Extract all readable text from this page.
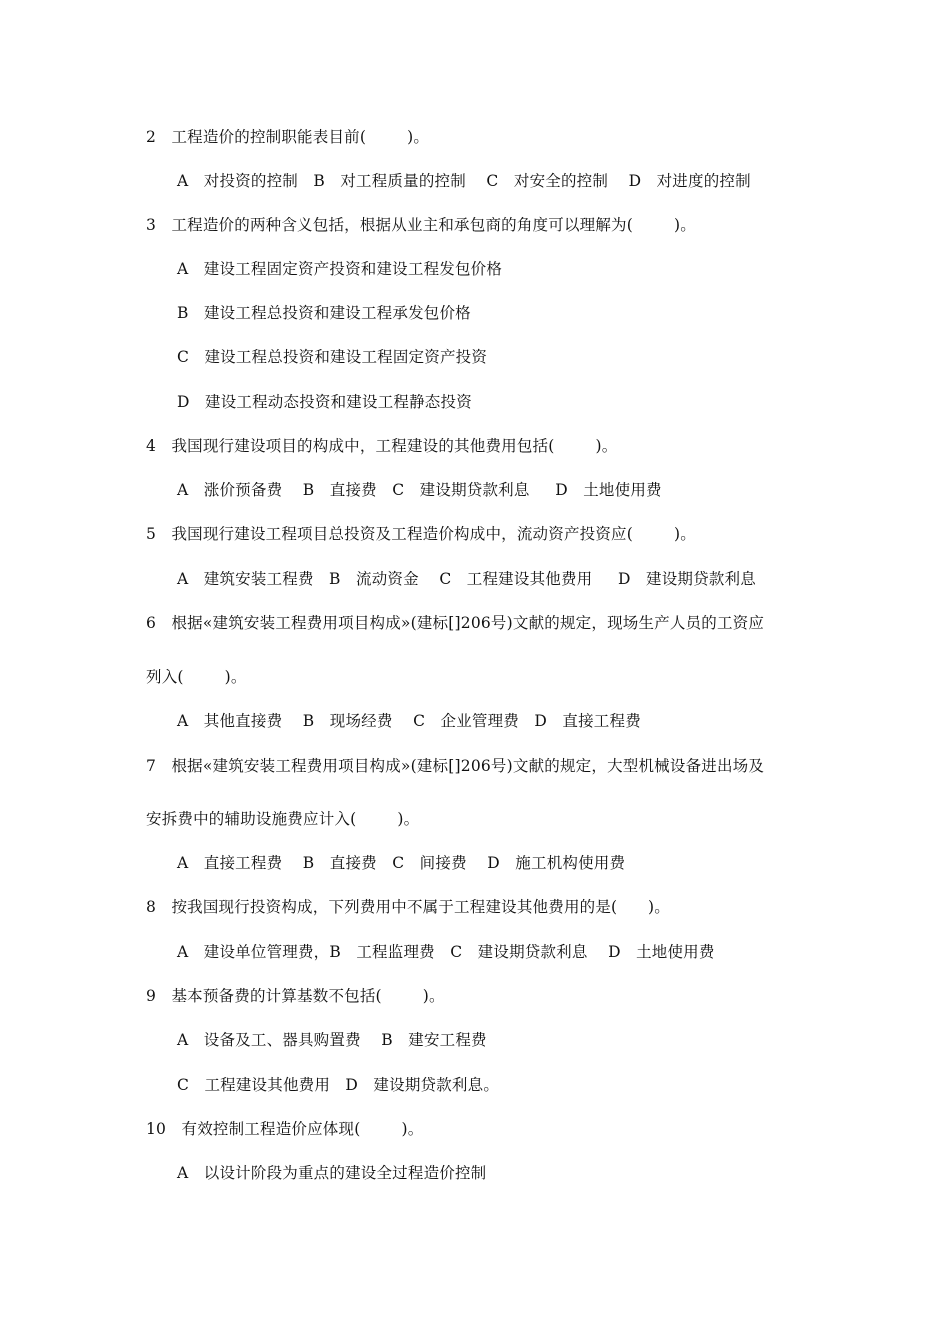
2   工程造价的控制职能表目前(        )。
A   对投资的控制   B   对工程质量的控制    C   对安全的控制    D   对进度的控制
3   工程造价的两种含义包括，根据从业主和承包商的角度可以理解为(        )。
A   建设工程固定资产投资和建设工程发包价格
B   建设工程总投资和建设工程承发包价格
C   建设工程总投资和建设工程固定资产投资
D   建设工程动态投资和建设工程静态投资
4   我国现行建设项目的构成中，工程建设的其他费用包括(        )。
A   涨价预备费    B   直接费   C   建设期贷款利息     D   土地使用费
5   我国现行建设工程项目总投资及工程造价构成中，流动资产投资应(        )。
A   建筑安装工程费   B   流动资金    C   工程建设其他费用     D   建设期贷款利息
6   根据«建筑安装工程费用项目构成»(建标[]206号)文献的规定，现场生产人员的工资应
列入(        )。
A   其他直接费    B   现场经费    C   企业管理费   D   直接工程费
7   根据«建筑安装工程费用项目构成»(建标[]206号)文献的规定，大型机械设备进出场及
安拆费中的辅助设施费应计入(        )。
A   直接工程费    B   直接费   C   间接费    D   施工机构使用费
8   按我国现行投资构成，下列费用中不属于工程建设其他费用的是(      )。
A   建设单位管理费，B   工程监理费   C   建设期贷款利息    D   土地使用费
9   基本预备费的计算基数不包括(        )。
A   设备及工、器具购置费    B   建安工程费
C   工程建设其他费用   D   建设期贷款利息。
10   有效控制工程造价应体现(        )。
A   以设计阶段为重点的建设全过程造价控制
